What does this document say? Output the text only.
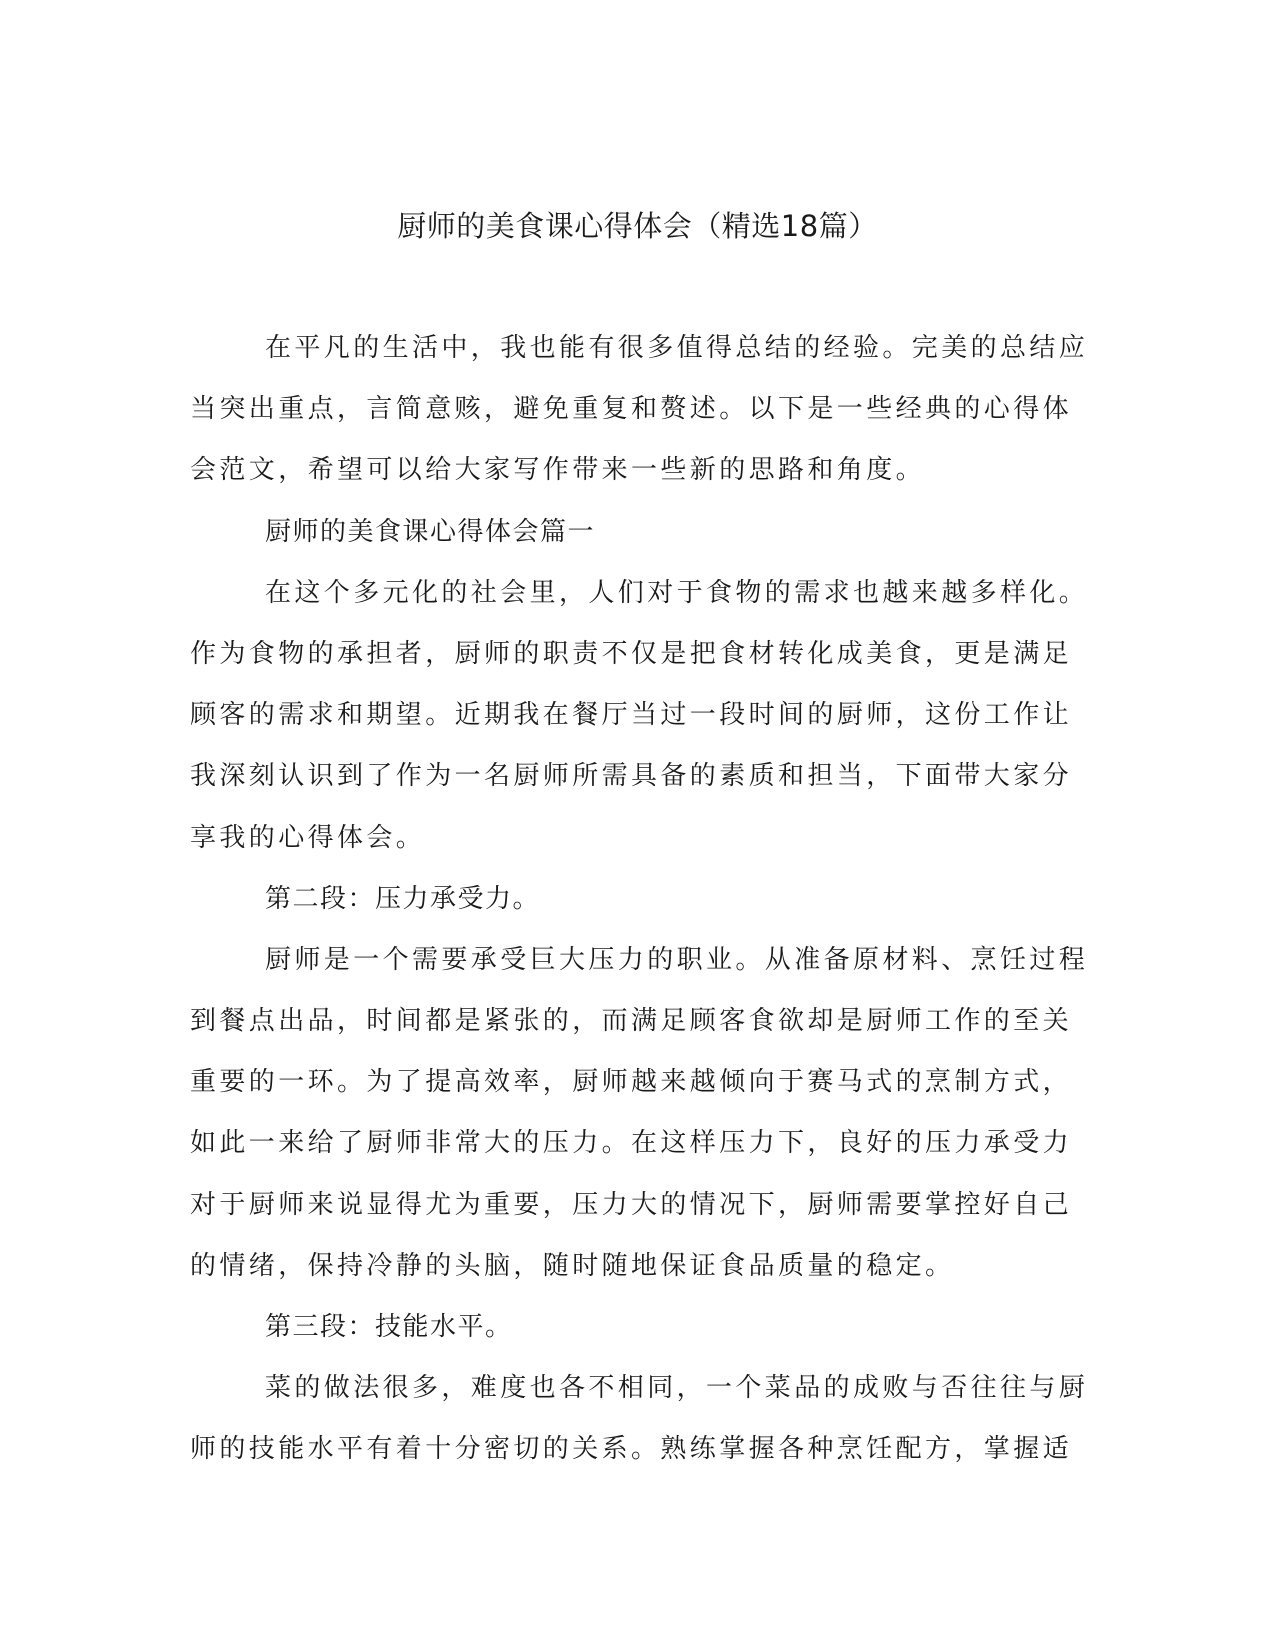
厨师的美食课心得体会（精选18篇）
在平凡的生活中，我也能有很多值得总结的经验。完美的总结应
当突出重点，言简意赅，避免重复和赘述。以下是一些经典的心得体
会范文，希望可以给大家写作带来一些新的思路和角度。
厨师的美食课心得体会篇一
在这个多元化的社会里，人们对于食物的需求也越来越多样化。
作为食物的承担者，厨师的职责不仅是把食材转化成美食，更是满足
顾客的需求和期望。近期我在餐厅当过一段时间的厨师，这份工作让
我深刻认识到了作为一名厨师所需具备的素质和担当，下面带大家分
享我的心得体会。
第二段：压力承受力。
厨师是一个需要承受巨大压力的职业。从准备原材料、烹饪过程
到餐点出品，时间都是紧张的，而满足顾客食欲却是厨师工作的至关
重要的一环。为了提高效率，厨师越来越倾向于赛马式的烹制方式，
如此一来给了厨师非常大的压力。在这样压力下，良好的压力承受力
对于厨师来说显得尤为重要，压力大的情况下，厨师需要掌控好自己
的情绪，保持冷静的头脑，随时随地保证食品质量的稳定。
第三段：技能水平。
菜的做法很多，难度也各不相同，一个菜品的成败与否往往与厨
师的技能水平有着十分密切的关系。熟练掌握各种烹饪配方，掌握适
